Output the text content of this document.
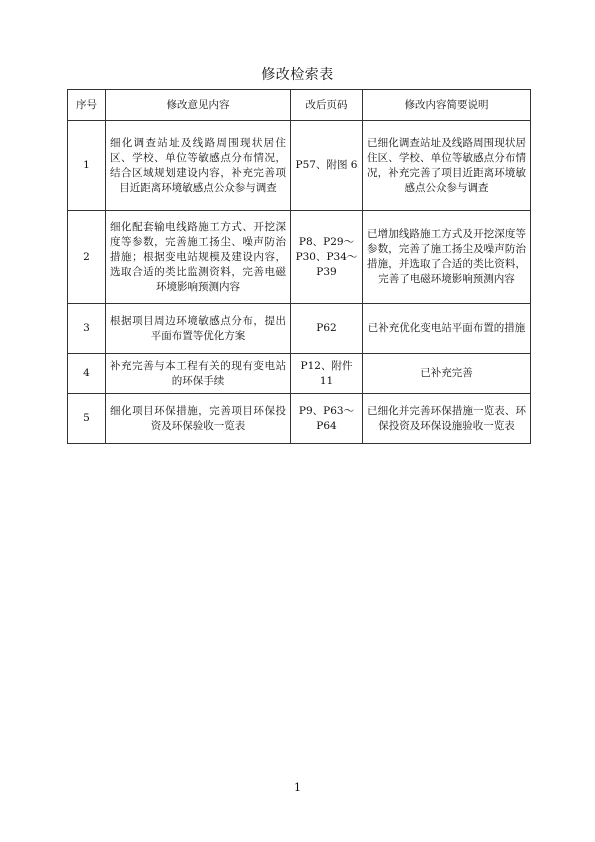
修改检索表
序号	修改意见内容	改后页码	修改内容简要说明
1	细化调查站址及线路周围现状居住区、学校、单位等敏感点分布情况，结合区域规划建设内容，补充完善项目近距离环境敏感点公众参与调查	P57、附图 6	已细化调查站址及线路周围现状居住区、学校、单位等敏感点分布情况，补充完善了项目近距离环境敏感点公众参与调查
2	细化配套输电线路施工方式、开挖深度等参数，完善施工扬尘、噪声防治措施；根据变电站规模及建设内容，选取合适的类比监测资料，完善电磁环境影响预测内容	P8、P29～P30、P34～P39	已增加线路施工方式及开挖深度等参数，完善了施工扬尘及噪声防治措施，并选取了合适的类比资料，完善了电磁环境影响预测内容
3	根据项目周边环境敏感点分布，提出平面布置等优化方案	P62	已补充优化变电站平面布置的措施
4	补充完善与本工程有关的现有变电站的环保手续	P12、附件 11	已补充完善
5	细化项目环保措施，完善项目环保投资及环保验收一览表	P9、P63～P64	已细化并完善环保措施一览表、环保投资及环保设施验收一览表
1
